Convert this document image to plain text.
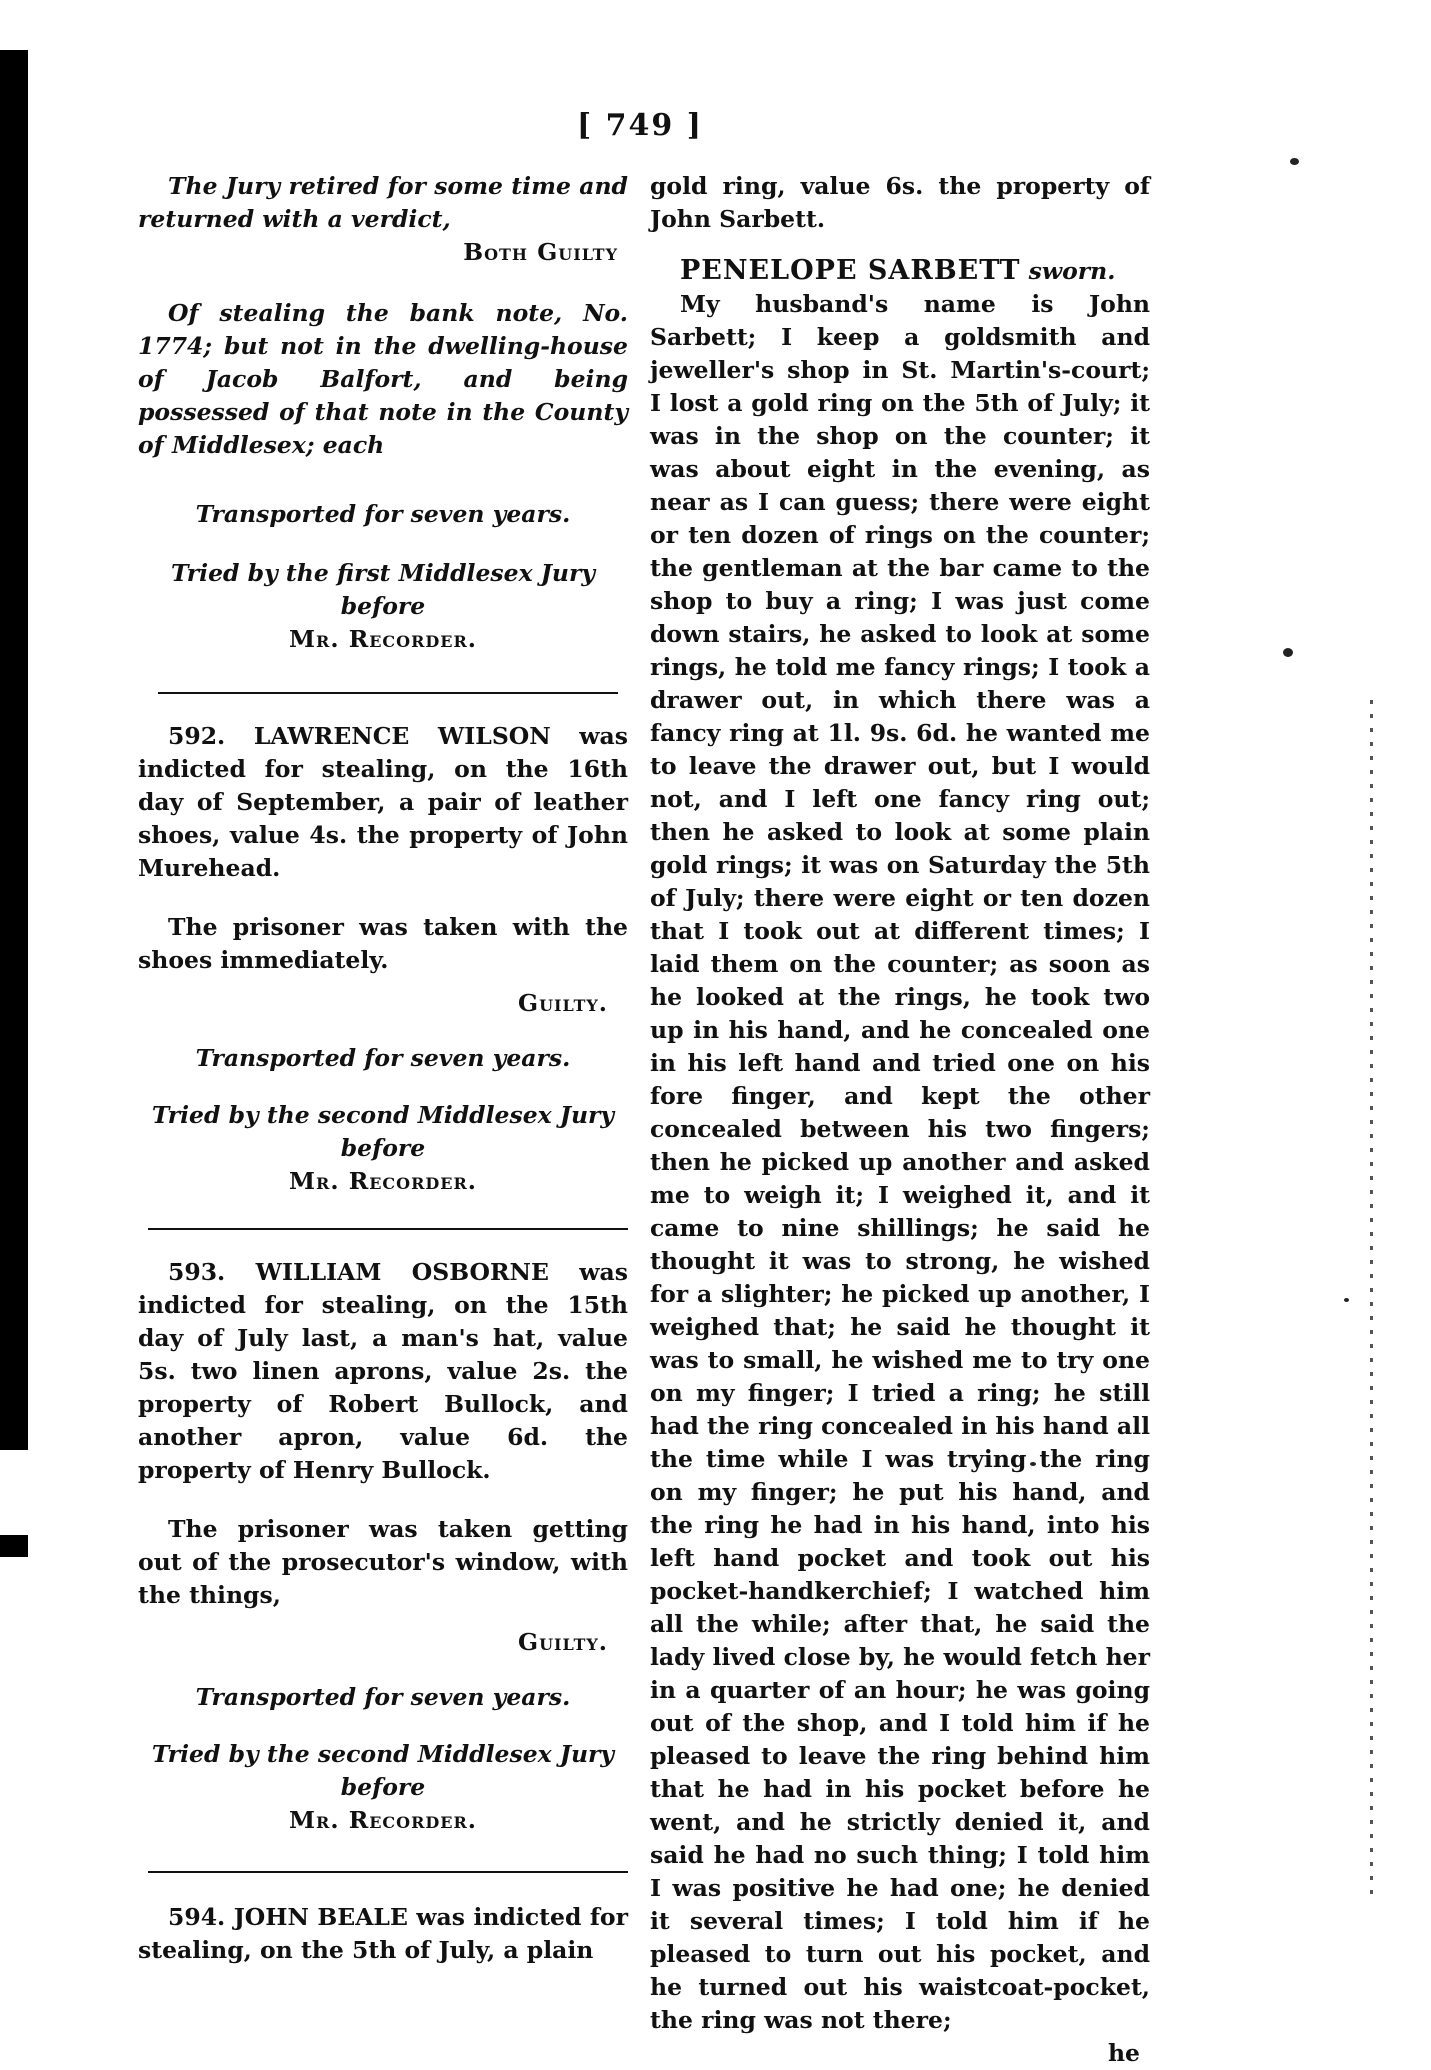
[ 749 ]

The Jury retired for some time and returned with a verdict,

Both Guilty

Of stealing the bank note, No. 1774; but not in the dwelling-house of Jacob Balfort, and being possessed of that note in the County of Middlesex; each

Transported for seven years.

Tried by the first Middlesex Jury before

Mr. Recorder.

592. LAWRENCE WILSON was indicted for stealing, on the 16th day of September, a pair of leather shoes, value 4s. the property of John Murehead.

The prisoner was taken with the shoes immediately.

Guilty.

Transported for seven years.

Tried by the second Middlesex Jury before

Mr. Recorder.

593. WILLIAM OSBORNE was indicted for stealing, on the 15th day of July last, a man's hat, value 5s. two linen aprons, value 2s. the property of Robert Bullock, and another apron, value 6d. the property of Henry Bullock.

The prisoner was taken getting out of the prosecutor's window, with the things,

Guilty.

Transported for seven years.

Tried by the second Middlesex Jury before

Mr. Recorder.

594. JOHN BEALE was indicted for stealing, on the 5th of July, a plain

gold ring, value 6s. the property of John Sarbett.

PENELOPE SARBETT sworn.

My husband's name is John Sarbett; I keep a goldsmith and jeweller's shop in St. Martin's-court; I lost a gold ring on the 5th of July; it was in the shop on the counter; it was about eight in the evening, as near as I can guess; there were eight or ten dozen of rings on the counter; the gentleman at the bar came to the shop to buy a ring; I was just come down stairs, he asked to look at some rings, he told me fancy rings; I took a drawer out, in which there was a fancy ring at 1l. 9s. 6d. he wanted me to leave the drawer out, but I would not, and I left one fancy ring out; then he asked to look at some plain gold rings; it was on Saturday the 5th of July; there were eight or ten dozen that I took out at different times; I laid them on the counter; as soon as he looked at the rings, he took two up in his hand, and he concealed one in his left hand and tried one on his fore finger, and kept the other concealed between his two fingers; then he picked up another and asked me to weigh it; I weighed it, and it came to nine shillings; he said he thought it was to strong, he wished for a slighter; he picked up another, I weighed that; he said he thought it was to small, he wished me to try one on my finger; I tried a ring; he still had the ring concealed in his hand all the time while I was trying the ring on my finger; he put his hand, and the ring he had in his hand, into his left hand pocket and took out his pocket-handkerchief; I watched him all the while; after that, he said the lady lived close by, he would fetch her in a quarter of an hour; he was going out of the shop, and I told him if he pleased to leave the ring behind him that he had in his pocket before he went, and he strictly denied it, and said he had no such thing; I told him I was positive he had one; he denied it several times; I told him if he pleased to turn out his pocket, and he turned out his waistcoat-pocket, the ring was not there;

he
